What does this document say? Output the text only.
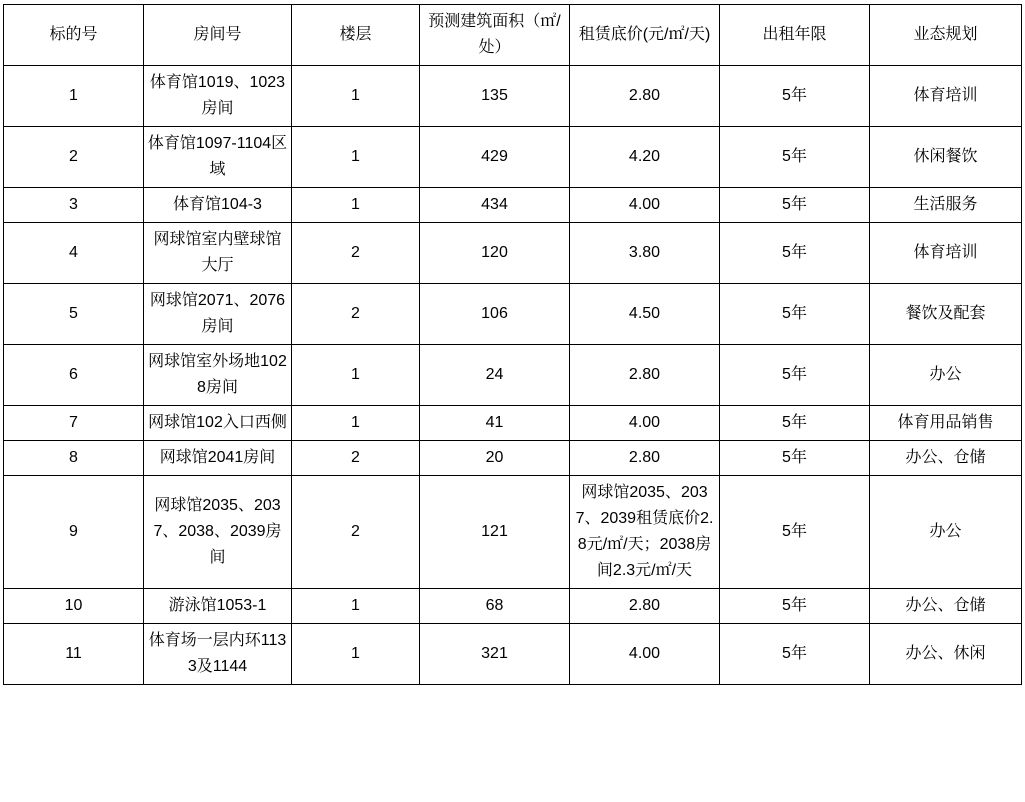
标的号	房间号	楼层	预测建筑面积（㎡/处）	租赁底价(元/㎡/天)	出租年限	业态规划
1	体育馆1019、1023房间	1	135	2.80	5年	体育培训
2	体育馆1097-1104区域	1	429	4.20	5年	休闲餐饮
3	体育馆104-3	1	434	4.00	5年	生活服务
4	网球馆室内壁球馆大厅	2	120	3.80	5年	体育培训
5	网球馆2071、2076房间	2	106	4.50	5年	餐饮及配套
6	网球馆室外场地1028房间	1	24	2.80	5年	办公
7	网球馆102入口西侧	1	41	4.00	5年	体育用品销售
8	网球馆2041房间	2	20	2.80	5年	办公、仓储
9	网球馆2035、2037、2038、2039房间	2	121	网球馆2035、2037、2039租赁底价2.8元/㎡/天；2038房间2.3元/㎡/天	5年	办公
10	游泳馆1053-1	1	68	2.80	5年	办公、仓储
11	体育场一层内环1133及1144	1	321	4.00	5年	办公、休闲
